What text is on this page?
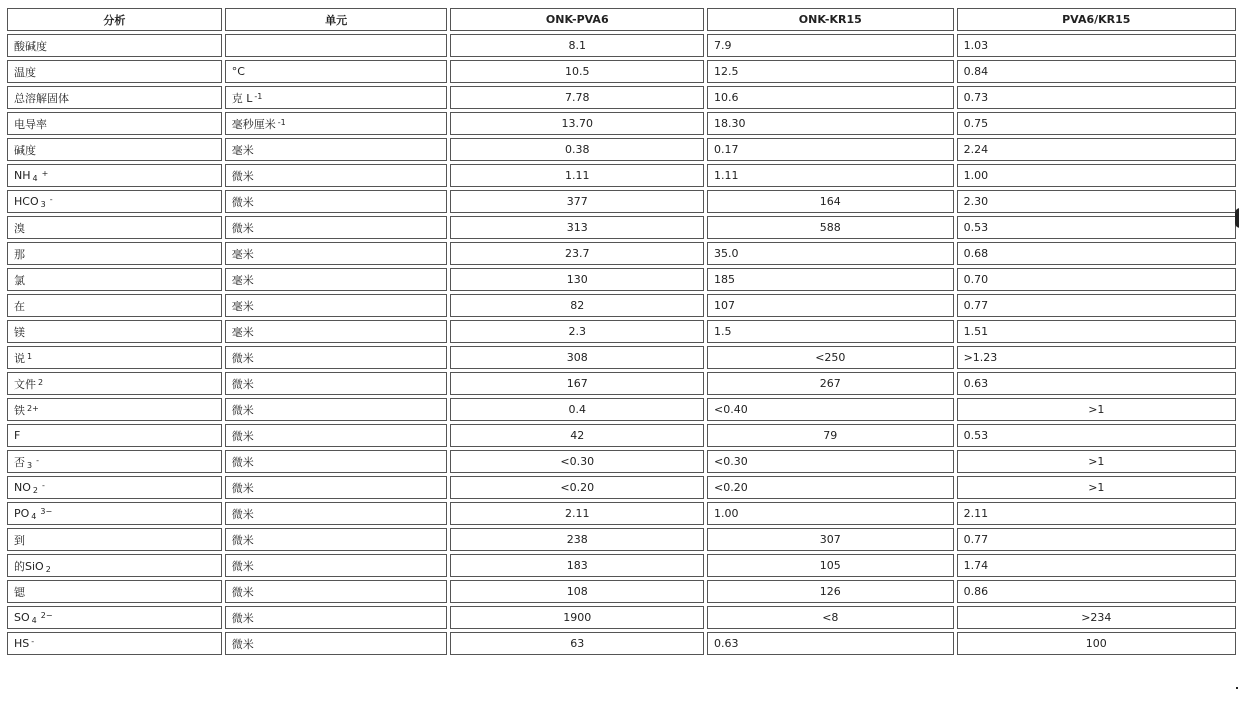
分析	单元	ONK-PVA6	ONK-KR15	PVA6/KR15
酸碱度		8.1	7.9	1.03
温度	°C	10.5	12.5	0.84
总溶解固体	克 L $^{-1}$	7.78	10.6	0.73
电导率	毫秒厘米 $^{-1}$	13.70	18.30	0.75
碱度	毫米	0.38	0.17	2.24
NH $_4$+	微米	1.11	1.11	1.00
HCO $_3$-	微米	377	164	2.30
溴	微米	313	588	0.53
那	毫米	23.7	35.0	0.68
氯	毫米	130	185	0.70
在	毫米	82	107	0.77
镁	毫米	2.3	1.5	1.51
说 $^1$	微米	308	<250	>1.23
文件 $^2$	微米	167	267	0.63
铁 $^{2+}$	微米	0.4	<0.40	>1
F	微米	42	79	0.53
否 $_3$-	微米	<0.30	<0.30	>1
NO $_2$-	微米	<0.20	<0.20	>1
PO $_4^{3-}$	微米	2.11	1.00	2.11
到	微米	238	307	0.77
的SiO $_2$	微米	183	105	1.74
锶	微米	108	126	0.86
SO $_4^{2-}$	微米	1900	<8	>234
HS -	微米	63	0.63	100
